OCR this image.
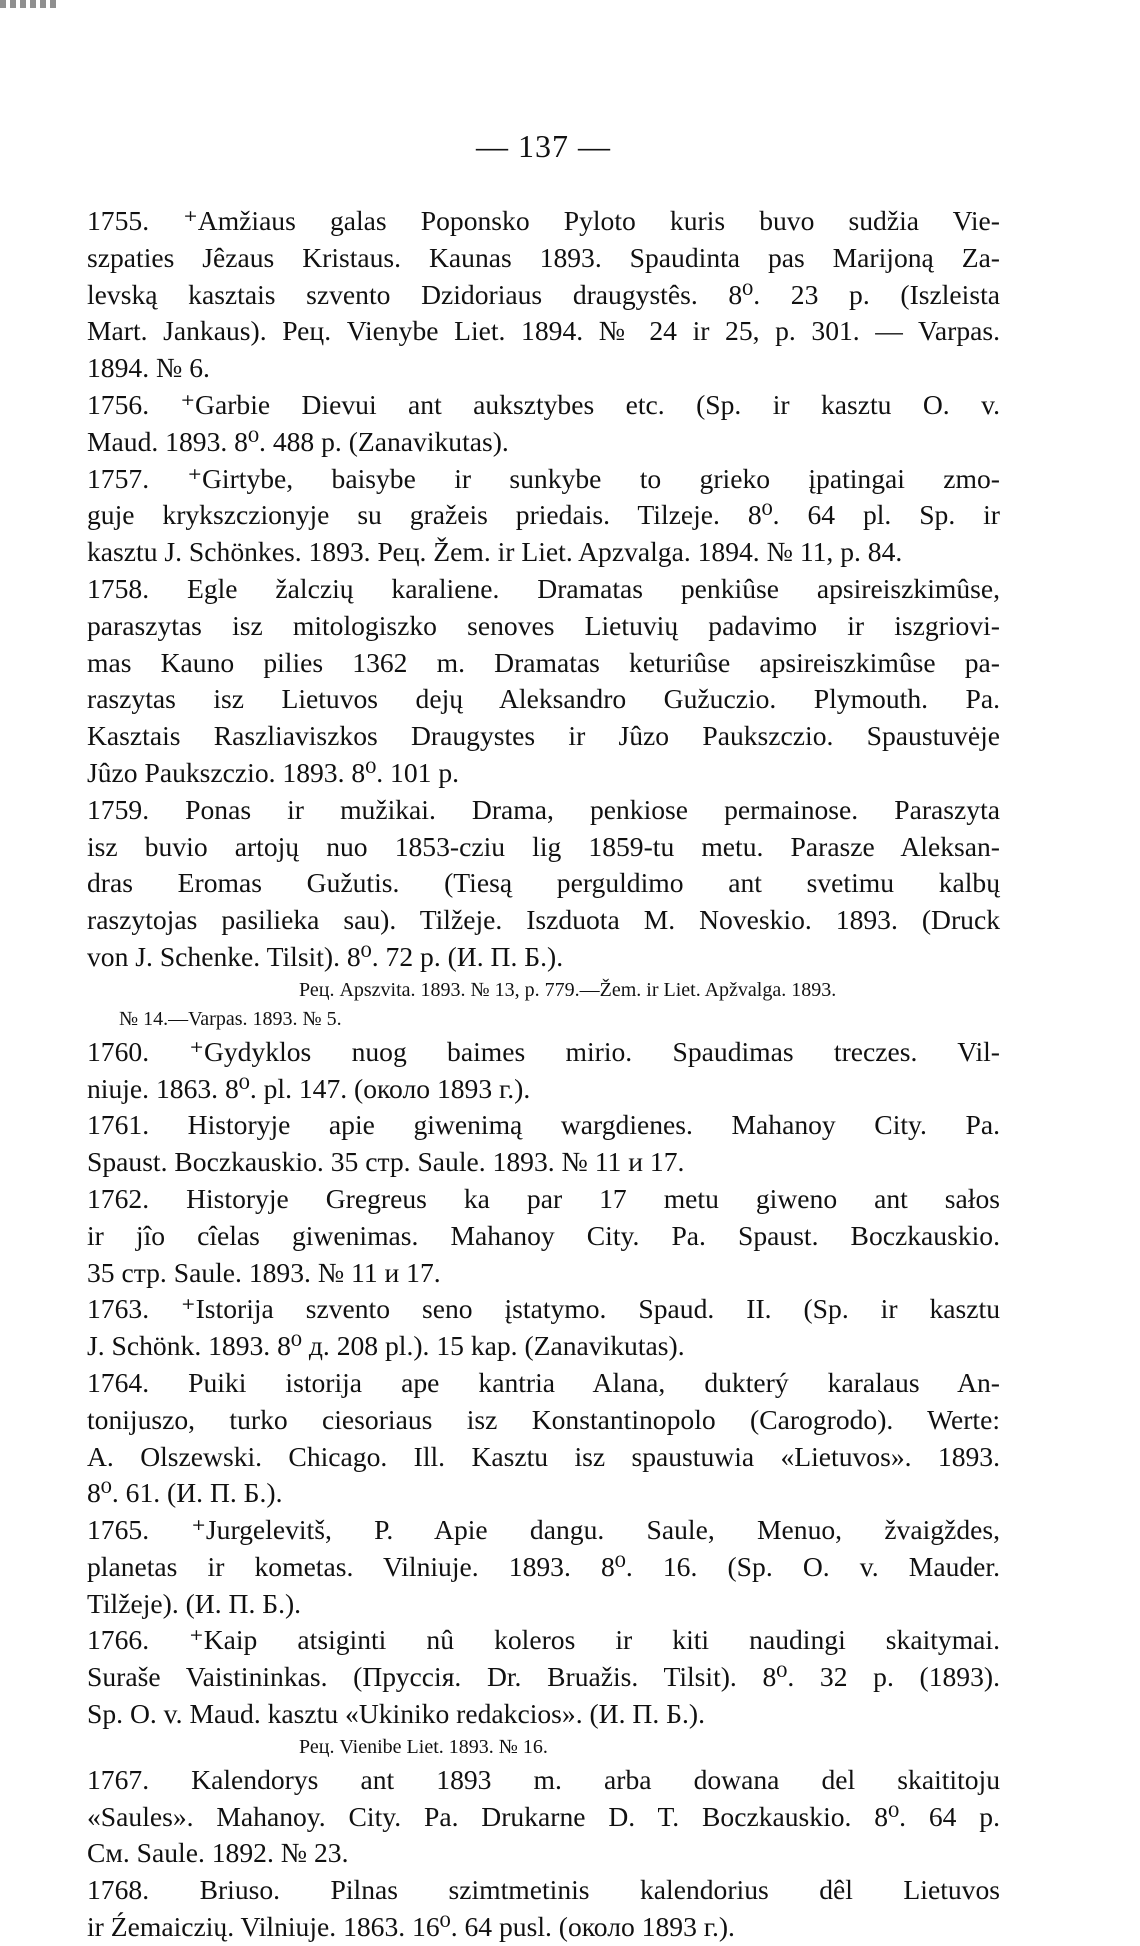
— 137 —
1755. ⁺Amžiaus galas Poponsko Pyloto kuris buvo sudžia Vie-
szpaties Jêzaus Kristaus. Kaunas 1893. Spaudinta pas Marijoną Za-
levską kasztais szvento Dzidoriaus draugystês. 8⁰. 23 p. (Iszleista
Mart. Jankaus). Рец. Vienybe Liet. 1894. № 24 ir 25, p. 301. — Varpas.
1894. № 6.
1756. ⁺Garbie Dievui ant auksztybes etc. (Sp. ir kasztu O. v.
Maud. 1893. 8⁰. 488 p. (Zanavikutas).
1757. ⁺Girtybe, baisybe ir sunkybe to grieko įpatingai zmo-
guje krykszczionyje su gražeis priedais. Tilzeje. 8⁰. 64 pl. Sp. ir
kasztu J. Schönkes. 1893. Рец. Žem. ir Liet. Apzvalga. 1894. № 11, p. 84.
1758. Egle žalczių karaliene. Dramatas penkiûse apsireiszkimûse,
paraszytas isz mitologiszko senoves Lietuvių padavimo ir iszgriovi-
mas Kauno pilies 1362 m. Dramatas keturiûse apsireiszkimûse pa-
raszytas isz Lietuvos dejų Aleksandro Gužuczio. Plymouth. Pa.
Kasztais Raszliaviszkos Draugystes ir Jûzo Paukszczio. Spaustuvėje
Jûzo Paukszczio. 1893. 8⁰. 101 p.
1759. Ponas ir mužikai. Drama, penkiose permainose. Paraszyta
isz buvio artojų nuo 1853-cziu lig 1859-tu metu. Parasze Aleksan-
dras Eromas Gužutis. (Tiesą perguldimo ant svetimu kalbų
raszytojas pasilieka sau). Tilžeje. Iszduota M. Noveskio. 1893. (Druck
von J. Schenke. Tilsit). 8⁰. 72 p. (И. П. Б.).
Рец. Apszvita. 1893. № 13, p. 779.—Žem. ir Liet. Apžvalga. 1893.
№ 14.—Varpas. 1893. № 5.
1760. ⁺Gydyklos nuog baimes mirio. Spaudimas treczes. Vil-
niuje. 1863. 8⁰. pl. 147. (около 1893 г.).
1761. Historyje apie giwenimą wargdienes. Mahanoy City. Pa.
Spaust. Boczkauskio. 35 стр. Saule. 1893. № 11 и 17.
1762. Historyje Gregreus ka par 17 metu giweno ant sałos
ir jîo cîelas giwenimas. Mahanoy City. Pa. Spaust. Boczkauskio.
35 стр. Saule. 1893. № 11 и 17.
1763. ⁺Istorija szvento seno įstatymo. Spaud. II. (Sp. ir kasztu
J. Schönk. 1893. 8⁰ д. 208 pl.). 15 kap. (Zanavikutas).
1764. Puiki istorija ape kantria Alana, dukterý karalaus An-
tonijuszo, turko ciesoriaus isz Konstantinopolo (Carogrodo). Werte:
A. Olszewski. Chicago. Ill. Kasztu isz spaustuwia «Lietuvos». 1893.
8⁰. 61. (И. П. Б.).
1765. ⁺Jurgelevitš, P. Apie dangu. Saule, Menuo, žvaigždes,
planetas ir kometas. Vilniuje. 1893. 8⁰. 16. (Sp. O. v. Mauder.
Tilžeje). (И. П. Б.).
1766. ⁺Kaip atsiginti nû koleros ir kiti naudingi skaitymai.
Suraše Vaistininkas. (Пруссія. Dr. Bruažis. Tilsit). 8⁰. 32 p. (1893).
Sp. O. v. Maud. kasztu «Ukiniko redakcios». (И. П. Б.).
Рец. Vienibe Liet. 1893. № 16.
1767. Kalendorys ant 1893 m. arba dowana del skaititoju
«Saules». Mahanoy. City. Pa. Drukarne D. T. Boczkauskio. 8⁰. 64 p.
См. Saule. 1892. № 23.
1768. Briuso. Pilnas szimtmetinis kalendorius dêl Lietuvos
ir Źemaiczių. Vilniuje. 1863. 16⁰. 64 pusl. (около 1893 г.).
